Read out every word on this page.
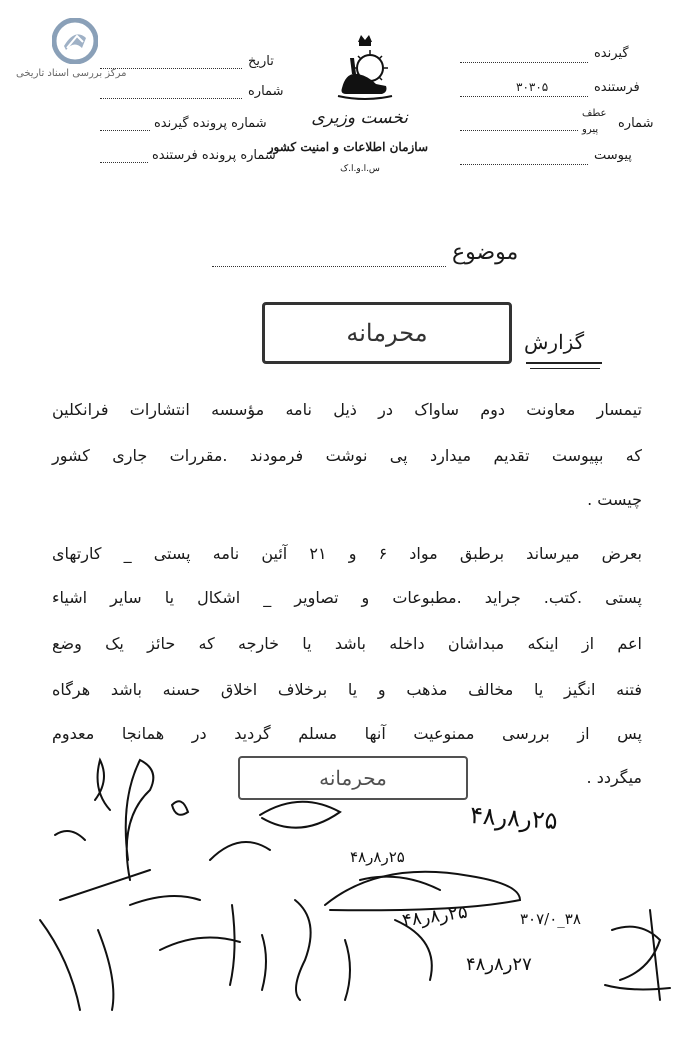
مرکز بررسی اسناد تاریخی
نخست وزیری
سازمان اطلاعات و امنیت کشور
س.ا.و.ا.ک
تاریخ
شماره
شماره پرونده گیرنده
شماره پرونده فرستنده
گیرنده
فرستنده
۳۰۳۰۵
عطف
پیرو شماره
پیوست
موضوع
گزارش
محرمانه
تیمسار معاونت دوم ساواک در ذیل نامه مؤسسه انتشارات فرانکلین
که بپیوست تقدیم میدارد پی نوشت فرمودند .مقررات جاری کشور
چیست .
بعرض میرساند برطبق مواد ۶ و ۲۱ آئین نامه پستی _ کارتهای
پستی .کتب. جراید .مطبوعات و تصاویر _ اشکال یا سایر اشیاء
اعم از اینکه مبداشان داخله باشد یا خارجه که حائز یک وضع
فتنه انگیز یا مخالف مذهب و یا برخلاف اخلاق حسنه باشد هرگاه
پس از بررسی ممنوعیت آنها مسلم گردید در همانجا معدوم
میگردد .
محرمانه
۲۵ر۸ر۴۸
۲۵ر۸ر۴۸
۲۵ر۸ر۴۸
۲۷ر۸ر۴۸
۳۸_۳۰۷/۰
